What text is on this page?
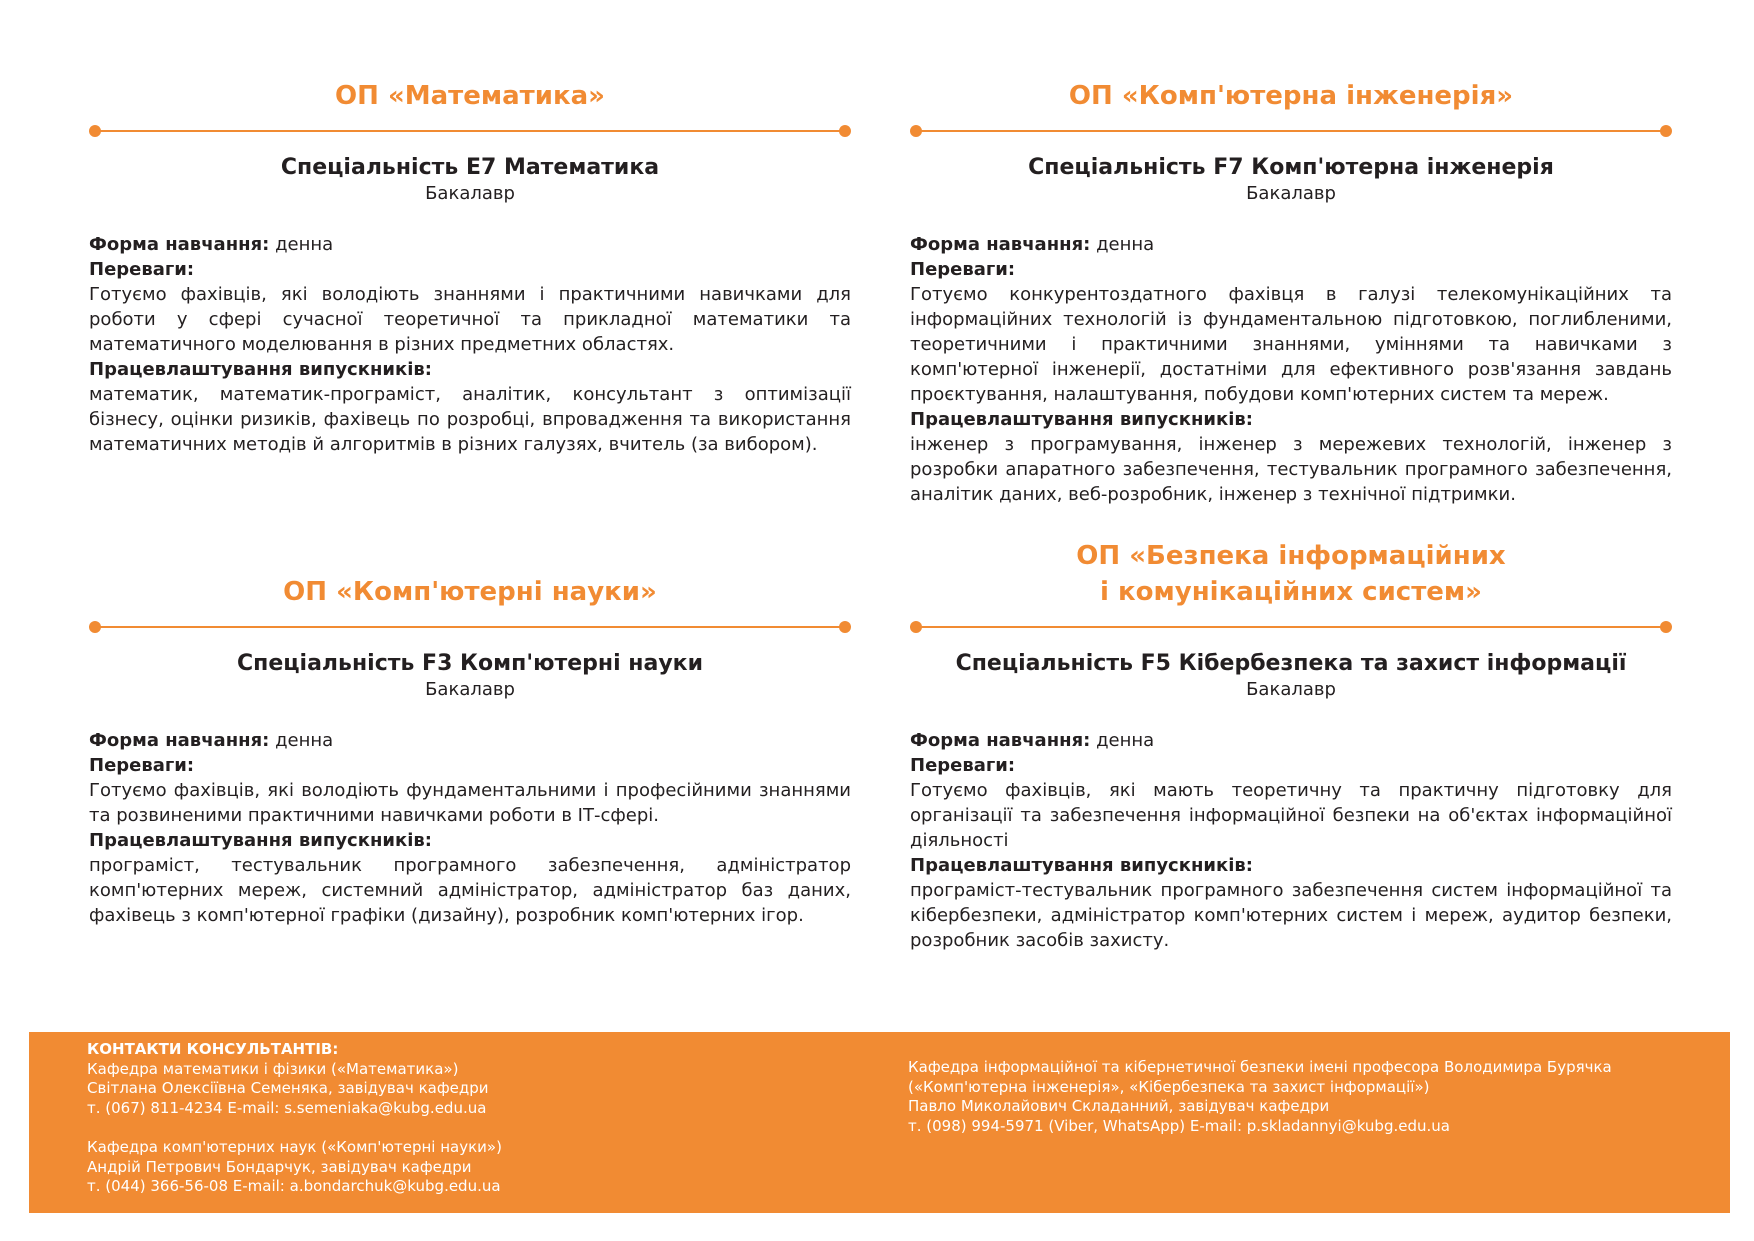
ОП «Математика»
Спеціальність Е7 Математика
Бакалавр

Форма навчання: денна

Переваги:

Готуємо фахівців, які володіють знаннями і практичними навичками для роботи у сфері сучасної теоретичної та прикладної математики та математичного моделювання в різних предметних областях.

Працевлаштування випускників:

математик, математик-програміст, аналітик, консультант з оптимізації бізнесу, оцінки ризиків, фахівець по розробці, впровадження та використання математичних методів й алгоритмів в різних галузях, вчитель (за вибором).

ОП «Комп'ютерна інженерія»
Спеціальність F7 Комп'ютерна інженерія
Бакалавр

Форма навчання: денна

Переваги:

Готуємо конкурентоздатного фахівця в галузі телекомунікаційних та інформаційних технологій із фундаментальною підготовкою, поглибленими, теоретичними і практичними знаннями, уміннями та навичками з комп'ютерної інженерії, достатніми для ефективного розв'язання завдань проєктування, налаштування, побудови комп'ютерних систем та мереж.

Працевлаштування випускників:

інженер з програмування, інженер з мережевих технологій, інженер з розробки апаратного забезпечення, тестувальник програмного забезпечення, аналітик даних, веб-розробник, інженер з технічної підтримки.

ОП «Комп'ютерні науки»
Спеціальність F3 Комп'ютерні науки
Бакалавр

Форма навчання: денна

Переваги:

Готуємо фахівців, які володіють фундаментальними і професійними знаннями та розвиненими практичними навичками роботи в ІТ-сфері.

Працевлаштування випускників:

програміст, тестувальник програмного забезпечення, адміністратор комп'ютерних мереж, системний адміністратор, адміністратор баз даних, фахівець з комп'ютерної графіки (дизайну), розробник комп'ютерних ігор.

ОП «Безпека інформаційних
і комунікаційних систем»
Спеціальність F5 Кібербезпека та захист інформації
Бакалавр

Форма навчання: денна

Переваги:

Готуємо фахівців, які мають теоретичну та практичну підготовку для організації та забезпечення інформаційної безпеки на об'єктах інформаційної діяльності

Працевлаштування випускників:

програміст-тестувальник програмного забезпечення систем інформаційної та кібербезпеки, адміністратор комп'ютерних систем і мереж, аудитор безпеки, розробник засобів захисту.

КОНТАКТИ КОНСУЛЬТАНТІВ:
Кафедра математики і фізики («Математика»)
Світлана Олексіївна Семеняка, завідувач кафедри
т. (067) 811-4234 E-mail: s.semeniaka@kubg.edu.ua
Кафедра комп'ютерних наук («Комп'ютерні науки»)
Андрій Петрович Бондарчук, завідувач кафедри
т. (044) 366-56-08 E-mail: a.bondarchuk@kubg.edu.ua
Кафедра інформаційної та кібернетичної безпеки імені професора Володимира Бурячка
(«Комп'ютерна інженерія», «Кібербезпека та захист інформації»)
Павло Миколайович Складанний, завідувач кафедри
т. (098) 994-5971 (Viber, WhatsApp) E-mail: p.skladannyi@kubg.edu.ua
